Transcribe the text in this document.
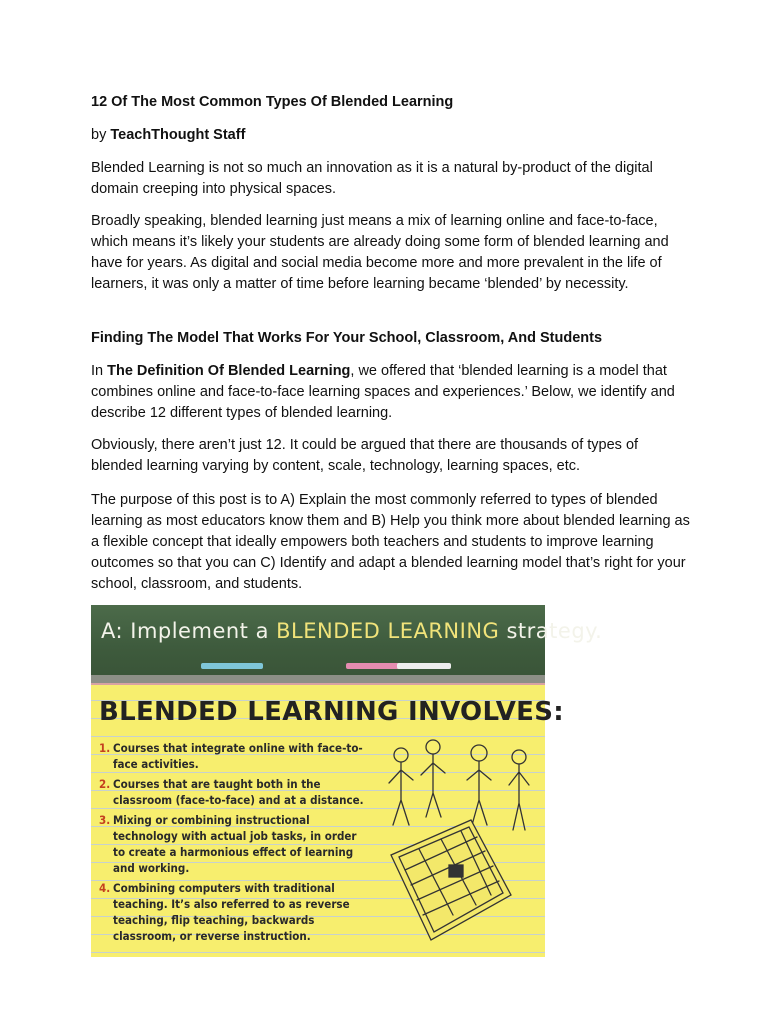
12 Of The Most Common Types Of Blended Learning
by TeachThought Staff
Blended Learning is not so much an innovation as it is a natural by-product of the digital domain creeping into physical spaces.
Broadly speaking, blended learning just means a mix of learning online and face-to-face, which means it’s likely your students are already doing some form of blended learning and have for years. As digital and social media become more and more prevalent in the life of learners, it was only a matter of time before learning became ‘blended’ by necessity.
Finding The Model That Works For Your School, Classroom, And Students
In The Definition Of Blended Learning, we offered that ‘blended learning is a model that combines online and face-to-face learning spaces and experiences.’ Below, we identify and describe 12 different types of blended learning.
Obviously, there aren’t just 12. It could be argued that there are thousands of types of blended learning varying by content, scale, technology, learning spaces, etc.
The purpose of this post is to A) Explain the most commonly referred to types of blended learning as most educators know them and B) Help you think more about blended learning as a flexible concept that ideally empowers both teachers and students to improve learning outcomes so that you can C) Identify and adapt a blended learning model that’s right for your school, classroom, and students.
A: Implement a BLENDED LEARNING strategy.
BLENDED LEARNING INVOLVES:
1. Courses that integrate online with face-to-face activities.
2. Courses that are taught both in the classroom (face-to-face) and at a distance.
3. Mixing or combining instructional technology with actual job tasks, in order to create a harmonious effect of learning and working.
4. Combining computers with traditional teaching. It’s also referred to as reverse teaching, flip teaching, backwards classroom, or reverse instruction.
